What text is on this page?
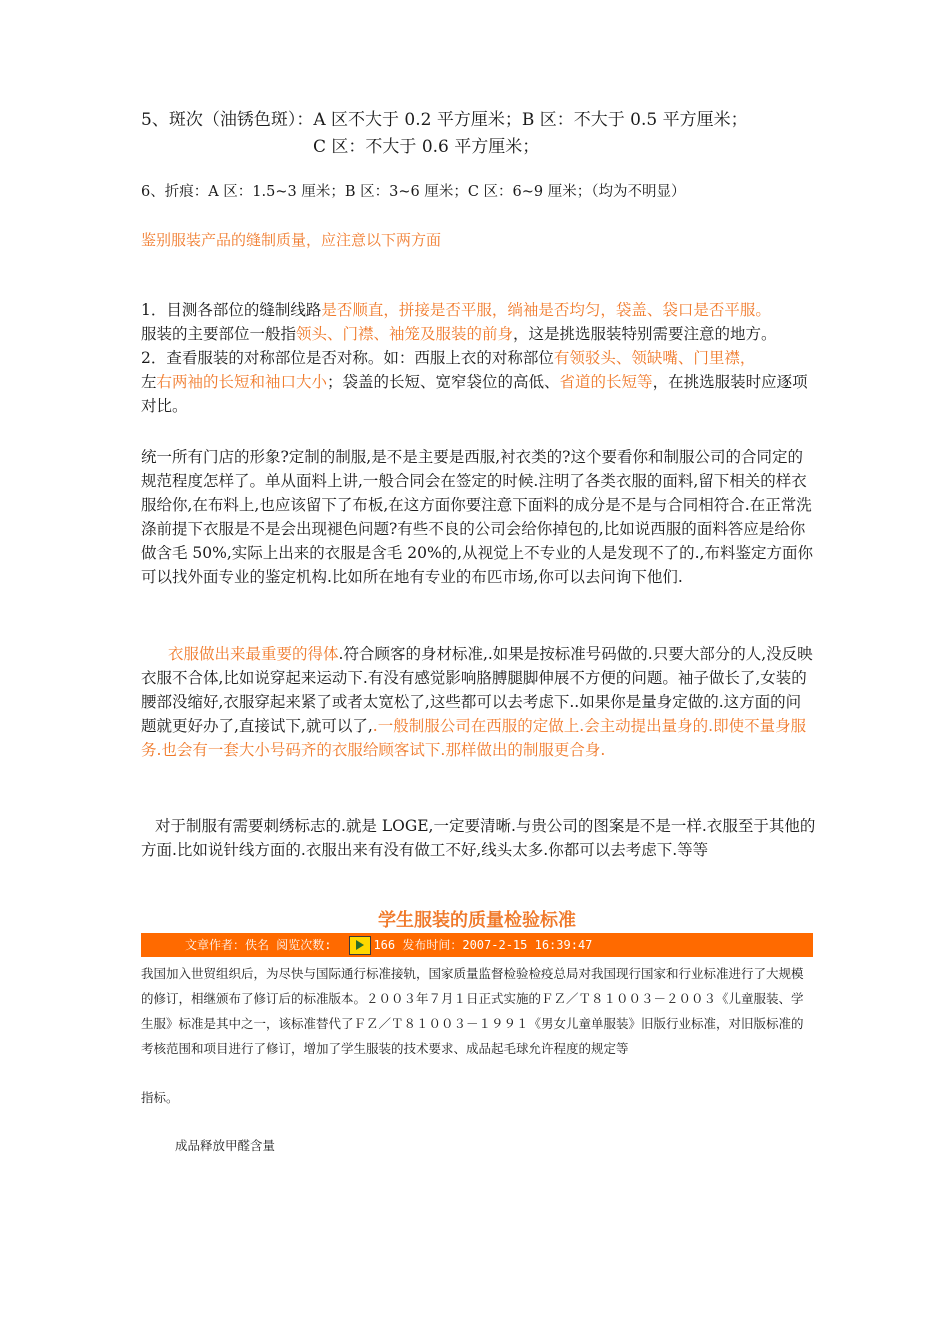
5、斑次（油锈色斑）：A 区不大于 0.2 平方厘米；B 区：不大于 0.5 平方厘米；
C 区：不大于 0.6 平方厘米；
6、折痕：A 区：1.5~3 厘米；B 区：3~6 厘米；C 区：6~9 厘米；（均为不明显）
鉴别服装产品的缝制质量，应注意以下两方面
1．目测各部位的缝制线路是否顺直，拼接是否平服，绱袖是否均匀，袋盖、袋口是否平服。
服装的主要部位一般指领头、门襟、袖笼及服装的前身，这是挑选服装特别需要注意的地方。
2．查看服装的对称部位是否对称。如：西服上衣的对称部位有领驳头、领缺嘴、门里襟，
左右两袖的长短和袖口大小；袋盖的长短、宽窄袋位的高低、省道的长短等，在挑选服装时应逐项对比。
统一所有门店的形象?定制的制服,是不是主要是西服,衬衣类的?这个要看你和制服公司的合同定的规范程度怎样了。单从面料上讲,一般合同会在签定的时候.注明了各类衣服的面料,留下相关的样衣服给你,在布料上,也应该留下了布板,在这方面你要注意下面料的成分是不是与合同相符合.在正常洗涤前提下衣服是不是会出现褪色问题?有些不良的公司会给你掉包的,比如说西服的面料答应是给你做含毛 50%,实际上出来的衣服是含毛 20%的,从视觉上不专业的人是发现不了的.,布料鉴定方面你可以找外面专业的鉴定机构.比如所在地有专业的布匹市场,你可以去问询下他们.
衣服做出来最重要的得体.符合顾客的身材标准,.如果是按标准号码做的.只要大部分的人,没反映衣服不合体,比如说穿起来运动下.有没有感觉影响胳膊腿脚伸展不方便的问题。袖子做长了,女装的腰部没缩好,衣服穿起来紧了或者太宽松了,这些都可以去考虑下..如果你是量身定做的.这方面的问题就更好办了,直接试下,就可以了,.一般制服公司在西服的定做上.会主动提出量身的.即使不量身服务.也会有一套大小号码齐的衣服给顾客试下.那样做出的制服更合身.
对于制服有需要刺绣标志的.就是 LOGE,一定要清晰.与贵公司的图案是不是一样.衣服至于其他的方面.比如说针线方面的.衣服出来有没有做工不好,线头太多.你都可以去考虑下.等等
学生服装的质量检验标准
文章作者：佚名 阅览次数:	166 发布时间：2007-2-15 16:39:47
我国加入世贸组织后，为尽快与国际通行标准接轨，国家质量监督检验检疫总局对我国现行国家和行业标准进行了大规模的修订，相继颁布了修订后的标准版本。２００３年７月１日正式实施的ＦＺ／Ｔ８１００３－２００３《儿童服装、学生服》标准是其中之一，该标准替代了ＦＺ／Ｔ８１００３－１９９１《男女儿童单服装》旧版行业标准，对旧版标准的考核范围和项目进行了修订，增加了学生服装的技术要求、成品起毛球允许程度的规定等
指标。
成品释放甲醛含量
